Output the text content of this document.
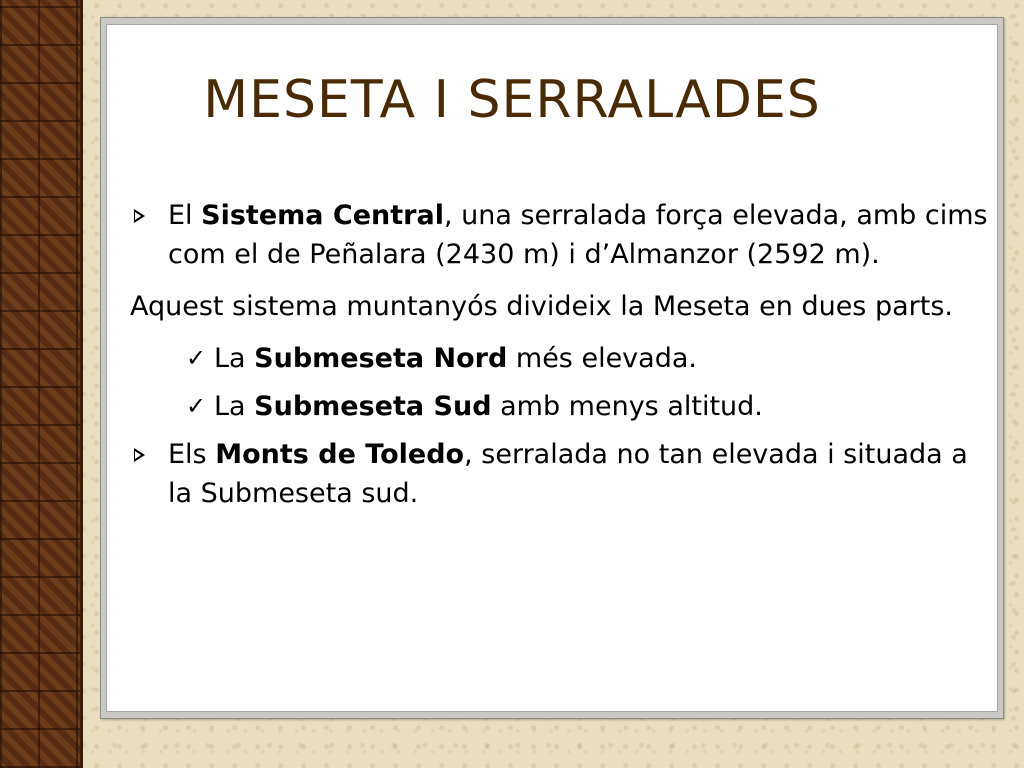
MESETA I SERRALADES
El Sistema Central, una serralada força elevada, amb cims com el de Peñalara (2430 m) i d’Almanzor (2592 m).
Aquest sistema muntanyós divideix la Meseta en dues parts.
✓ La Submeseta Nord més elevada.
✓ La Submeseta Sud amb menys altitud.
Els Monts de Toledo, serralada no tan elevada i situada a la Submeseta sud.
